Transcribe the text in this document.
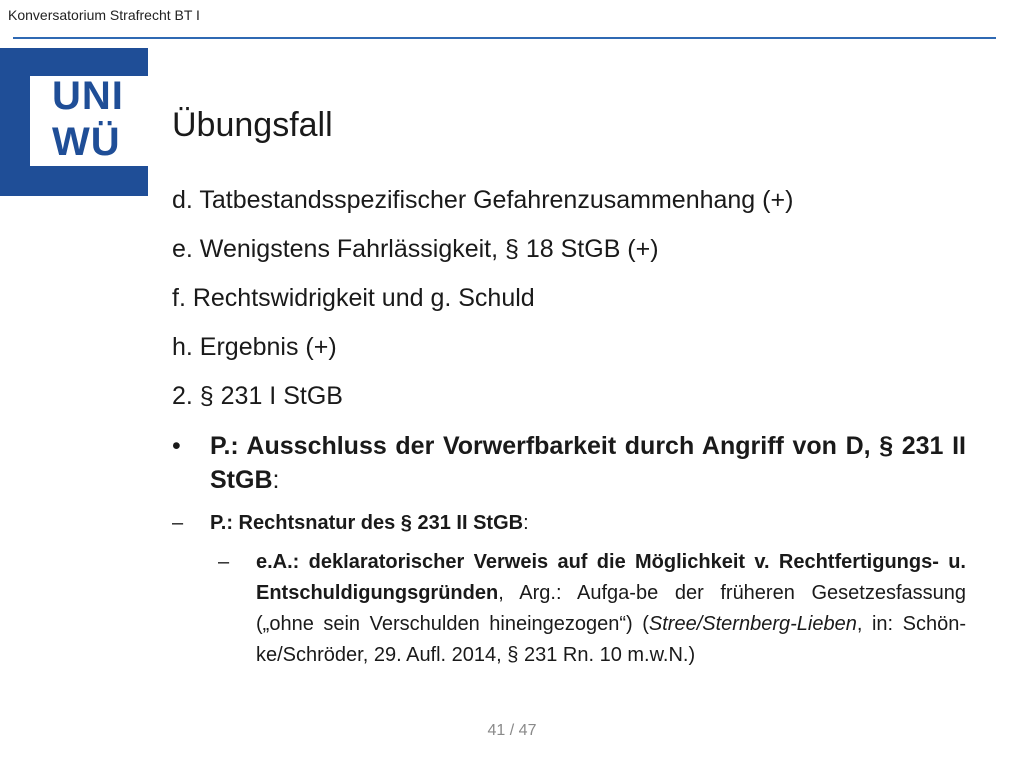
Konversatorium Strafrecht BT I
UNI
WÜ Übungsfall
d. Tatbestandsspezifischer Gefahrenzusammenhang (+)
e. Wenigstens Fahrlässigkeit, § 18 StGB (+)
f. Rechtswidrigkeit und g. Schuld
h. Ergebnis (+)
2. § 231 I StGB
• P.: Ausschluss der Vorwerfbarkeit durch Angriff von D, § 231 II StGB:
– P.: Rechtsnatur des § 231 II StGB:
– e.A.: deklaratorischer Verweis auf die Möglichkeit v. Rechtfertigungs- u. Entschuldigungsgründen, Arg.: Aufga-be der früheren Gesetzesfassung („ohne sein Verschulden hineingezogen“) (Stree/Sternberg-Lieben, in: Schön-ke/Schröder, 29. Aufl. 2014, § 231 Rn. 10 m.w.N.)
41 / 47
